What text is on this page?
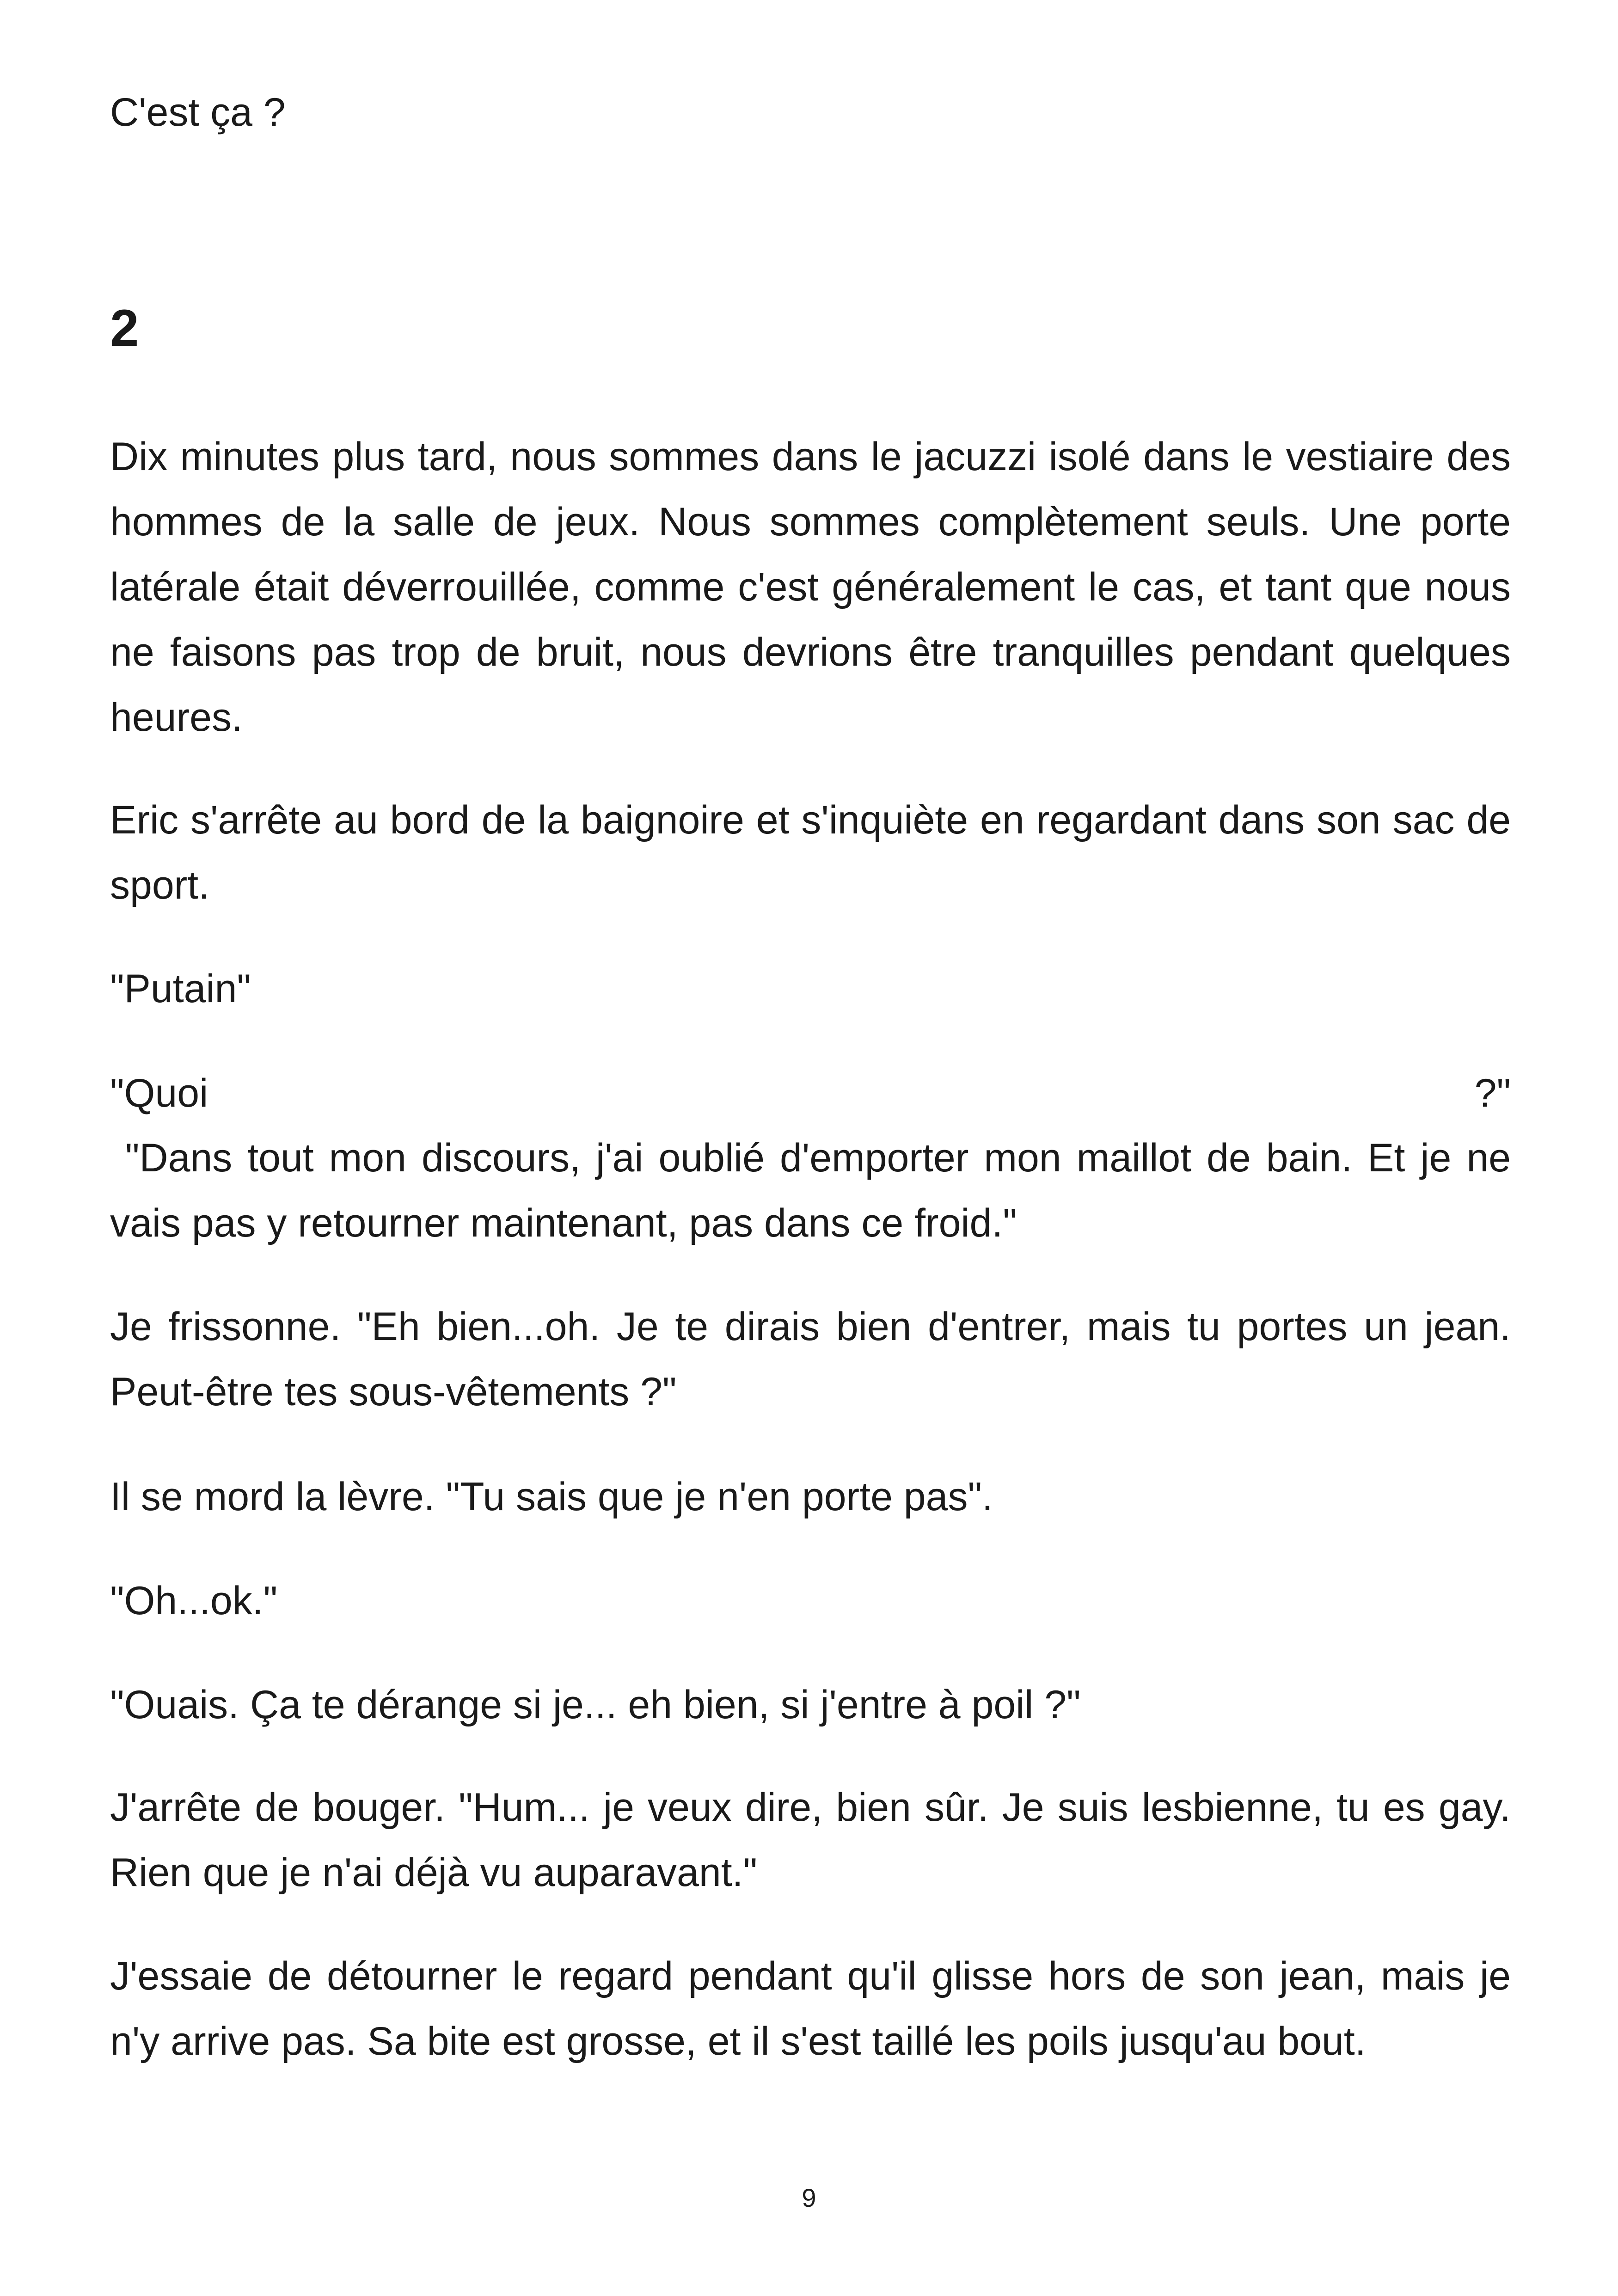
C'est ça ?

2

Dix minutes plus tard, nous sommes dans le jacuzzi isolé dans le vestiaire des hommes de la salle de jeux. Nous sommes complètement seuls. Une porte latérale était déverrouillée, comme c'est généralement le cas, et tant que nous ne faisons pas trop de bruit, nous devrions être tranquilles pendant quelques heures.

Eric s'arrête au bord de la baignoire et s'inquiète en regardant dans son sac de sport.

"Putain"

"Quoi ?"

"Dans tout mon discours, j'ai oublié d'emporter mon maillot de bain. Et je ne vais pas y retourner maintenant, pas dans ce froid."

Je frissonne. "Eh bien...oh. Je te dirais bien d'entrer, mais tu portes un jean. Peut-être tes sous-vêtements ?"

Il se mord la lèvre. "Tu sais que je n'en porte pas".

"Oh...ok."

"Ouais. Ça te dérange si je... eh bien, si j'entre à poil ?"

J'arrête de bouger. "Hum... je veux dire, bien sûr. Je suis lesbienne, tu es gay. Rien que je n'ai déjà vu auparavant."

J'essaie de détourner le regard pendant qu'il glisse hors de son jean, mais je n'y arrive pas. Sa bite est grosse, et il s'est taillé les poils jusqu'au bout.

9
